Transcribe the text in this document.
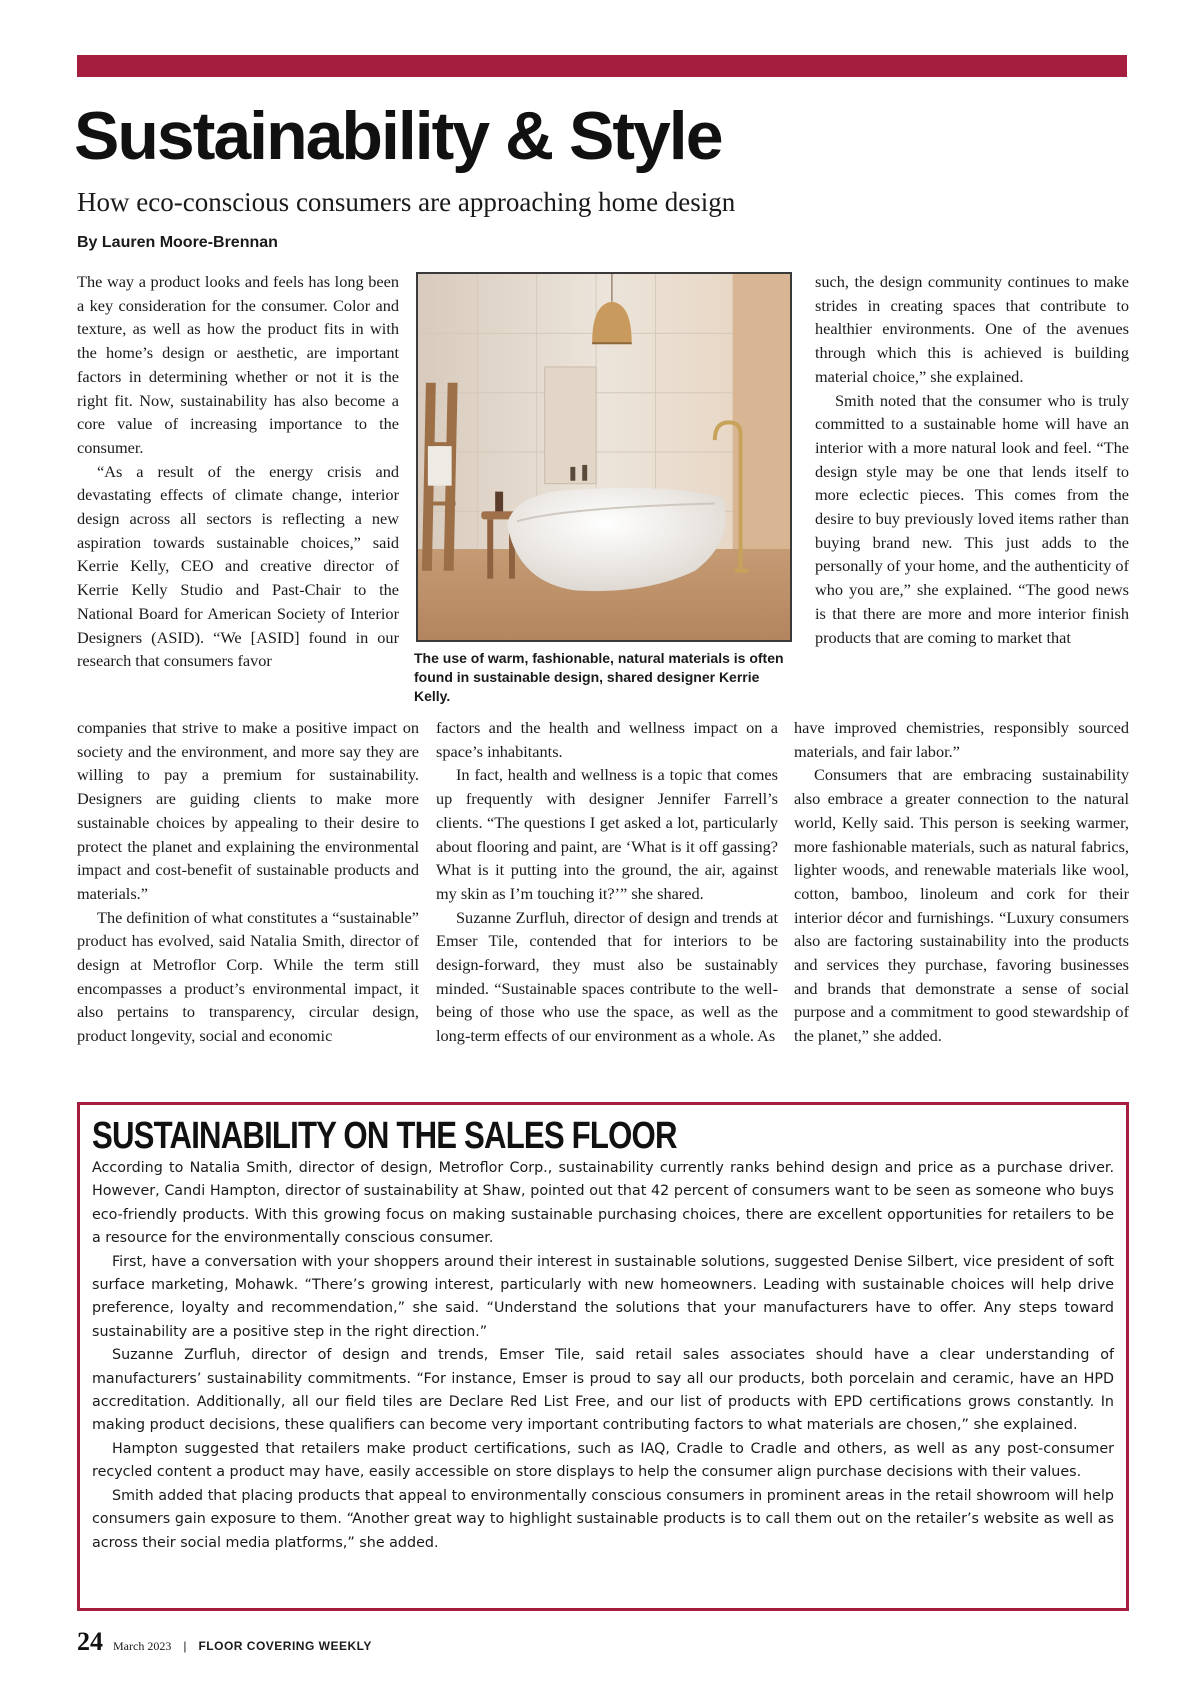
Sustainability & Style
How eco-conscious consumers are approaching home design
By Lauren Moore-Brennan

The way a product looks and feels has long been a key consideration for the consumer. Color and texture, as well as how the product fits in with the home’s design or aesthetic, are important factors in determining whether or not it is the right fit. Now, sustainability has also become a core value of increasing importance to the consumer.

“As a result of the energy crisis and devastating effects of climate change, interior design across all sectors is reflecting a new aspiration towards sustainable choices,” said Kerrie Kelly, CEO and creative director of Kerrie Kelly Studio and Past-Chair to the National Board for American Society of Interior Designers (ASID). “We [ASID] found in our research that consumers favor	The use of warm, fashionable, natural materials is often found in sustainable design, shared designer Kerrie Kelly.

companies that strive to make a positive impact on society and the environment, and more say they are willing to pay a premium for sustainability. Designers are guiding clients to make more sustainable choices by appealing to their desire to protect the planet and explaining the environmental impact and cost-benefit of sustainable products and materials.”

The definition of what constitutes a “sustainable” product has evolved, said Natalia Smith, director of design at Metroflor Corp. While the term still encompasses a product’s environmental impact, it also pertains to transparency, circular design, product longevity, social and economic

factors and the health and wellness impact on a space’s inhabitants.

In fact, health and wellness is a topic that comes up frequently with designer Jennifer Farrell’s clients. “The questions I get asked a lot, particularly about flooring and paint, are ‘What is it off gassing? What is it putting into the ground, the air, against my skin as I’m touching it?’” she shared.

Suzanne Zurfluh, director of design and trends at Emser Tile, contended that for interiors to be design-forward, they must also be sustainably minded. “Sustainable spaces contribute to the well-being of those who use the space, as well as the long-term effects of our environment as a whole. As

such, the design community continues to make strides in creating spaces that contribute to healthier environments. One of the avenues through which this is achieved is building material choice,” she explained.

Smith noted that the consumer who is truly committed to a sustainable home will have an interior with a more natural look and feel. “The design style may be one that lends itself to more eclectic pieces. This comes from the desire to buy previously loved items rather than buying brand new. This just adds to the personally of your home, and the authenticity of who you are,” she explained. “The good news is that there are more and more interior finish products that are coming to market that

have improved chemistries, responsibly sourced materials, and fair labor.”

Consumers that are embracing sustainability also embrace a greater connection to the natural world, Kelly said. This person is seeking warmer, more fashionable materials, such as natural fabrics, lighter woods, and renewable materials like wool, cotton, bamboo, linoleum and cork for their interior décor and furnishings. “Luxury consumers also are factoring sustainability into the products and services they purchase, favoring businesses and brands that demonstrate a sense of social purpose and a commitment to good stewardship of the planet,” she added.

SUSTAINABILITY ON THE SALES FLOOR

According to Natalia Smith, director of design, Metroflor Corp., sustainability currently ranks behind design and price as a purchase driver. However, Candi Hampton, director of sustainability at Shaw, pointed out that 42 percent of consumers want to be seen as someone who buys eco-friendly products. With this growing focus on making sustainable purchasing choices, there are excellent opportunities for retailers to be a resource for the environmentally conscious consumer.

First, have a conversation with your shoppers around their interest in sustainable solutions, suggested Denise Silbert, vice president of soft surface marketing, Mohawk. “There’s growing interest, particularly with new homeowners. Leading with sustainable choices will help drive preference, loyalty and recommendation,” she said. “Understand the solutions that your manufacturers have to offer. Any steps toward sustainability are a positive step in the right direction.”

Suzanne Zurfluh, director of design and trends, Emser Tile, said retail sales associates should have a clear understanding of manufacturers’ sustainability commitments. “For instance, Emser is proud to say all our products, both porcelain and ceramic, have an HPD accreditation. Additionally, all our field tiles are Declare Red List Free, and our list of products with EPD certifications grows constantly. In making product decisions, these qualifiers can become very important contributing factors to what materials are chosen,” she explained.

Hampton suggested that retailers make product certifications, such as IAQ, Cradle to Cradle and others, as well as any post-consumer recycled content a product may have, easily accessible on store displays to help the consumer align purchase decisions with their values.

Smith added that placing products that appeal to environmentally conscious consumers in prominent areas in the retail showroom will help consumers gain exposure to them. “Another great way to highlight sustainable products is to call them out on the retailer’s website as well as across their social media platforms,” she added.

24 March 2023 | FLOOR COVERING WEEKLY
